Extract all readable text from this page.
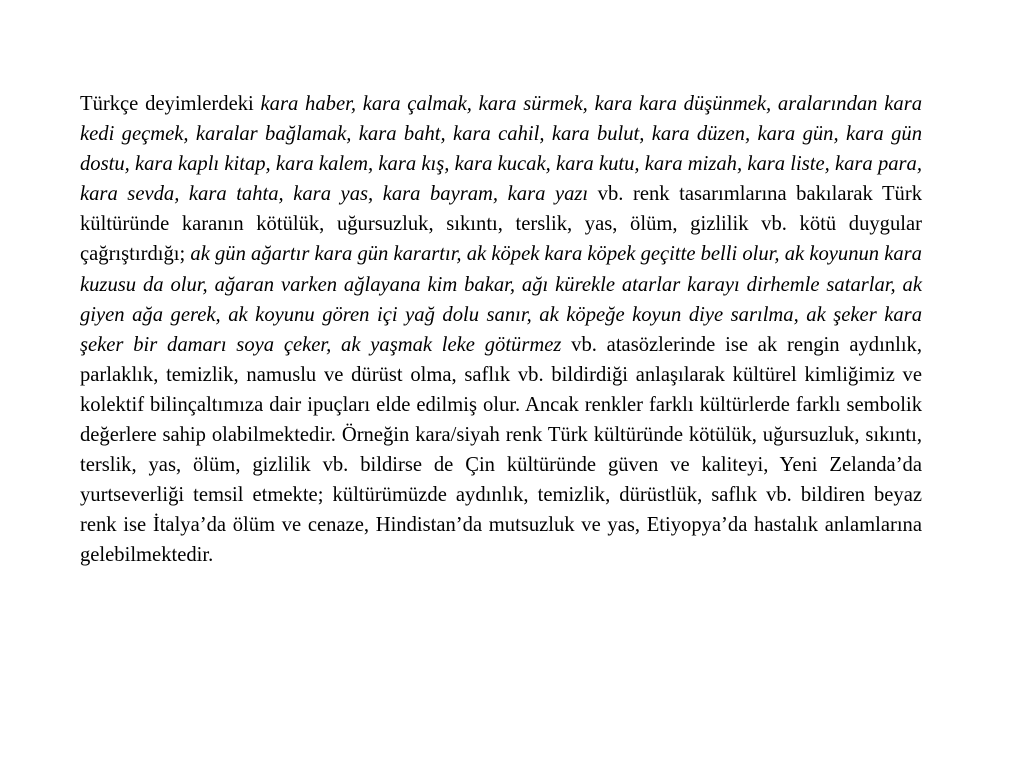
Türkçe deyimlerdeki kara haber, kara çalmak, kara sürmek, kara kara düşünmek, aralarından kara kedi geçmek, karalar bağlamak, kara baht, kara cahil, kara bulut, kara düzen, kara gün, kara gün dostu, kara kaplı kitap, kara kalem, kara kış, kara kucak, kara kutu, kara mizah, kara liste, kara para, kara sevda, kara tahta, kara yas, kara bayram, kara yazı vb. renk tasarımlarına bakılarak Türk kültüründe karanın kötülük, uğursuzluk, sıkıntı, terslik, yas, ölüm, gizlilik vb. kötü duygular çağrıştırdığı; ak gün ağartır kara gün karartır, ak köpek kara köpek geçitte belli olur, ak koyunun kara kuzusu da olur, ağaran varken ağlayana kim bakar, ağı kürekle atarlar karayı dirhemle satarlar, ak giyen ağa gerek, ak koyunu gören içi yağ dolu sanır, ak köpeğe koyun diye sarılma, ak şeker kara şeker bir damarı soya çeker, ak yaşmak leke götürmez vb. atasözlerinde ise ak rengin aydınlık, parlaklık, temizlik, namuslu ve dürüst olma, saflık vb. bildirdiği anlaşılarak kültürel kimliğimiz ve kolektif bilinçaltımıza dair ipuçları elde edilmiş olur. Ancak renkler farklı kültürlerde farklı sembolik değerlere sahip olabilmektedir. Örneğin kara/siyah renk Türk kültüründe kötülük, uğursuzluk, sıkıntı, terslik, yas, ölüm, gizlilik vb. bildirse de Çin kültüründe güven ve kaliteyi, Yeni Zelanda’da yurtseverliği temsil etmekte; kültürümüzde aydınlık, temizlik, dürüstlük, saflık vb. bildiren beyaz renk ise İtalya’da ölüm ve cenaze, Hindistan’da mutsuzluk ve yas, Etiyopya’da hastalık anlamlarına gelebilmektedir.
